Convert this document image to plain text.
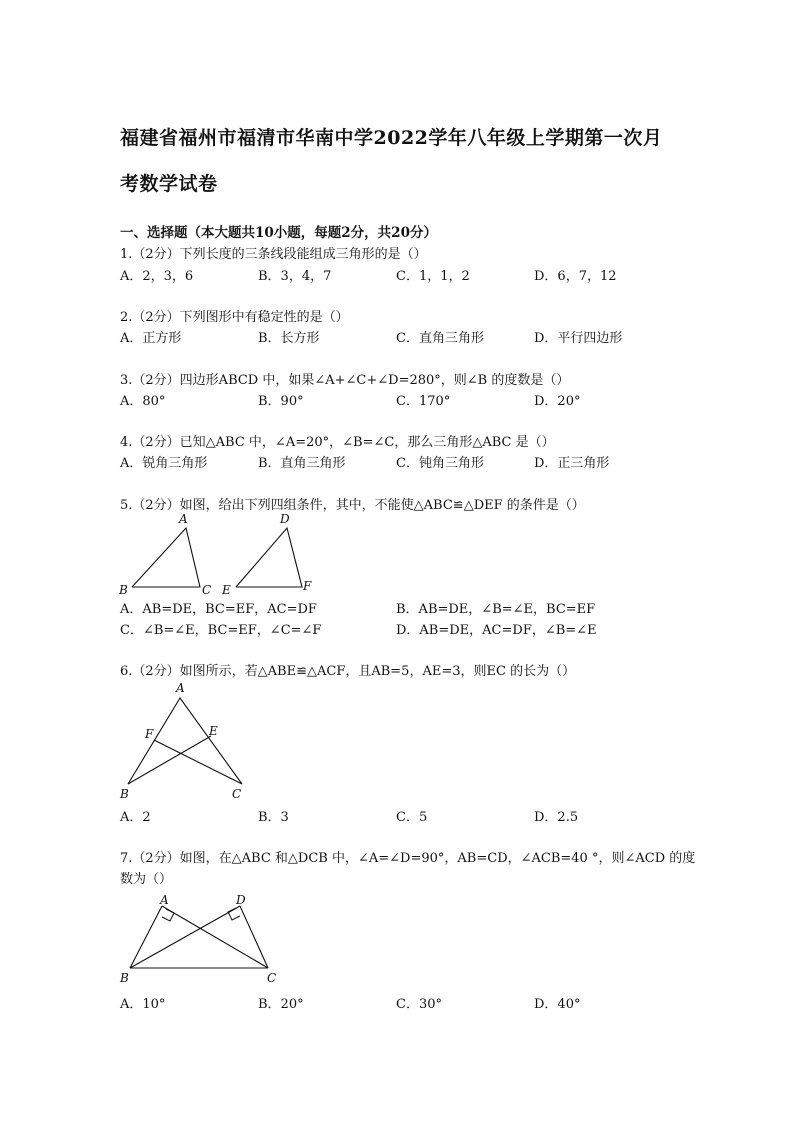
福建省福州市福清市华南中学2022学年八年级上学期第一次月
考数学试卷
一、选择题（本大题共10小题，每题2分，共20分）
1.（2分）下列长度的三条线段能组成三角形的是（）
A．2，3，6	B．3，4，7	C．1，1，2	D．6，7，12
2.（2分）下列图形中有稳定性的是（）
A．正方形	B．长方形	C．直角三角形	D．平行四边形
3.（2分）四边形ABCD 中，如果∠A+∠C+∠D=280°，则∠B 的度数是（）
A．80°	B．90°	C．170°	D．20°
4.（2分）已知△ABC 中，∠A=20°，∠B=∠C，那么三角形△ABC 是（）
A．锐角三角形	B．直角三角形	C．钝角三角形	D．正三角形
5.（2分）如图，给出下列四组条件，其中，不能使△ABC≌△DEF 的条件是（）
A
B	C
D
E	F
A．AB=DE，BC=EF，AC=DF	B．AB=DE，∠B=∠E，BC=EF
C．∠B=∠E，BC=EF，∠C=∠F	D．AB=DE，AC=DF，∠B=∠E
6.（2分）如图所示，若△ABE≌△ACF，且AB=5，AE=3，则EC 的长为（）
A
F	E
B	C
A．2	B．3	C．5	D．2.5
7.（2分）如图，在△ABC 和△DCB 中，∠A=∠D=90°，AB=CD，∠ACB=40 °，则∠ACD 的度
数为（）
A	D
B	C
A．10°	B．20°	C．30°	D．40°
